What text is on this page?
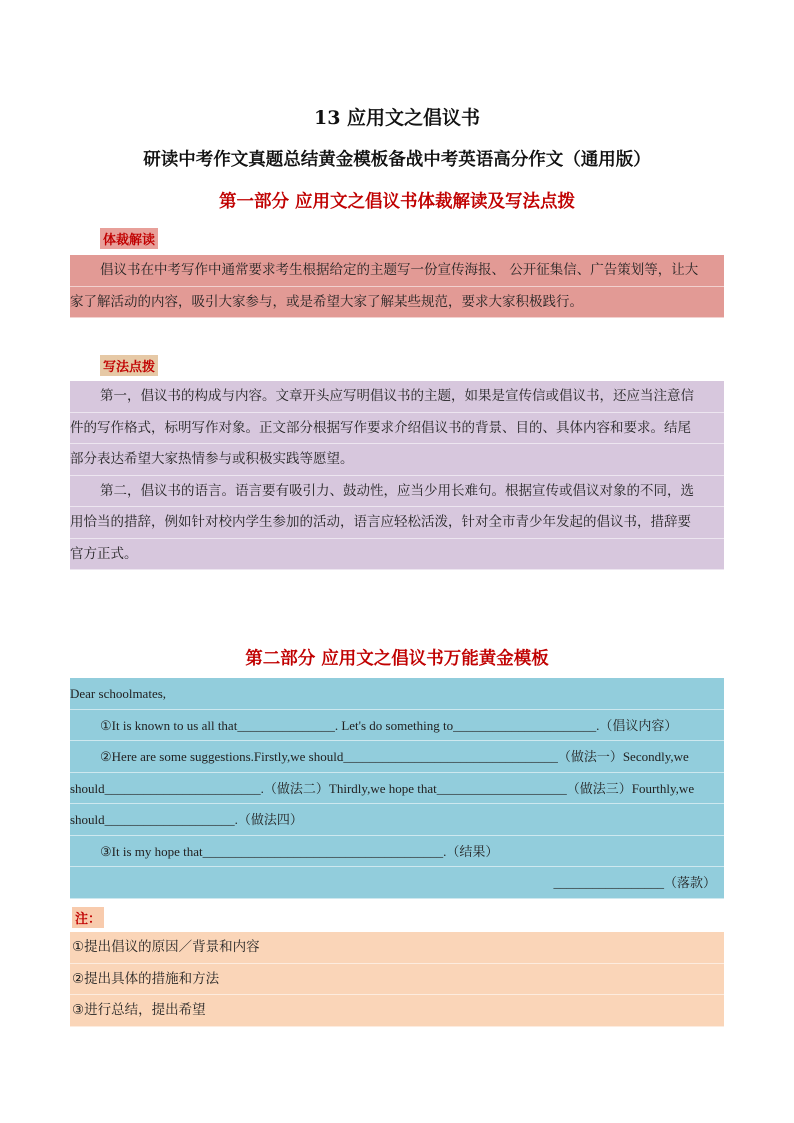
13 应用文之倡议书
研读中考作文真题总结黄金模板备战中考英语高分作文（通用版）
第一部分 应用文之倡议书体裁解读及写法点拨
体裁解读
倡议书在中考写作中通常要求考生根据给定的主题写一份宣传海报、 公开征集信、广告策划等，让大
家了解活动的内容，吸引大家参与，或是希望大家了解某些规范，要求大家积极践行。
写法点拨
第一，倡议书的构成与内容。文章开头应写明倡议书的主题，如果是宣传信或倡议书，还应当注意信
件的写作格式，标明写作对象。正文部分根据写作要求介绍倡议书的背景、目的、具体内容和要求。结尾
部分表达希望大家热情参与或积极实践等愿望。
第二，倡议书的语言。语言要有吸引力、鼓动性，应当少用长难句。根据宣传或倡议对象的不同，选
用恰当的措辞，例如针对校内学生参加的活动，语言应轻松活泼，针对全市青少年发起的倡议书，措辞要
官方正式。
第二部分 应用文之倡议书万能黄金模板
Dear schoolmates,
①It is known to us all that_______________. Let's do something to______________________.（倡议内容）
②Here are some suggestions.Firstly,we should_________________________________（做法一）Secondly,we
should________________________.（做法二）Thirdly,we hope that____________________（做法三）Fourthly,we
should____________________.（做法四）
③It is my hope that_____________________________________.（结果）
_________________（落款）
注：
①提出倡议的原因／背景和内容
②提出具体的措施和方法
③进行总结，提出希望
